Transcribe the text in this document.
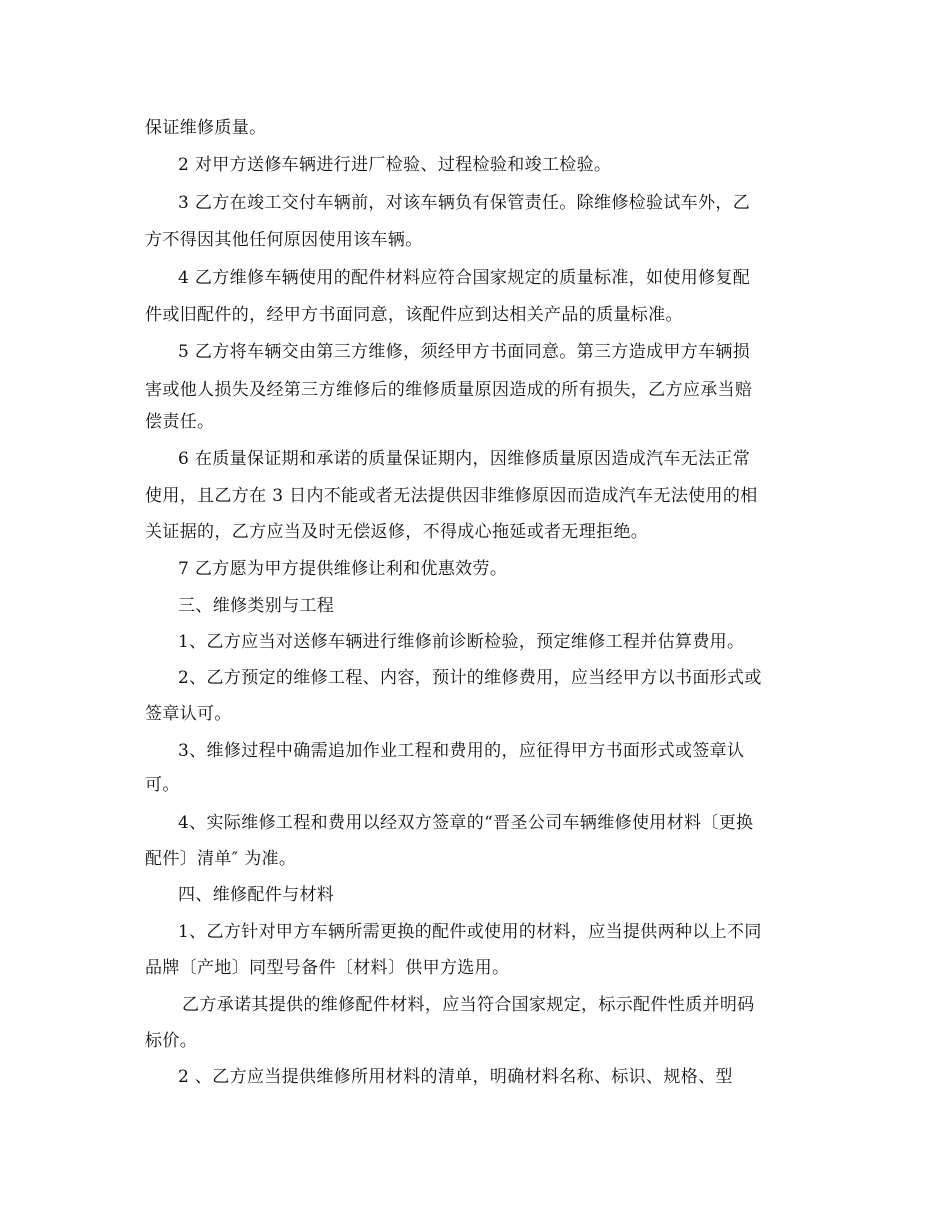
保证维修质量。
2 对甲方送修车辆进行进厂检验、过程检验和竣工检验。
3 乙方在竣工交付车辆前，对该车辆负有保管责任。除维修检验试车外，乙
方不得因其他任何原因使用该车辆。
4 乙方维修车辆使用的配件材料应符合国家规定的质量标准，如使用修复配
件或旧配件的，经甲方书面同意，该配件应到达相关产品的质量标准。
5 乙方将车辆交由第三方维修，须经甲方书面同意。第三方造成甲方车辆损
害或他人损失及经第三方维修后的维修质量原因造成的所有损失，乙方应承当赔
偿责任。
6 在质量保证期和承诺的质量保证期内，因维修质量原因造成汽车无法正常
使用，且乙方在 3 日内不能或者无法提供因非维修原因而造成汽车无法使用的相
关证据的，乙方应当及时无偿返修，不得成心拖延或者无理拒绝。
7 乙方愿为甲方提供维修让利和优惠效劳。
三、维修类别与工程
1、乙方应当对送修车辆进行维修前诊断检验，预定维修工程并估算费用。
2、乙方预定的维修工程、内容，预计的维修费用，应当经甲方以书面形式或
签章认可。
3、维修过程中确需追加作业工程和费用的，应征得甲方书面形式或签章认
可。
4、实际维修工程和费用以经双方签章的“晋圣公司车辆维修使用材料〔更换
配件〕清单″ 为准。
四、维修配件与材料
1、乙方针对甲方车辆所需更换的配件或使用的材料，应当提供两种以上不同
品牌〔产地〕同型号备件〔材料〕供甲方选用。
乙方承诺其提供的维修配件材料，应当符合国家规定，标示配件性质并明码
标价。
2 、乙方应当提供维修所用材料的清单，明确材料名称、标识、规格、型
